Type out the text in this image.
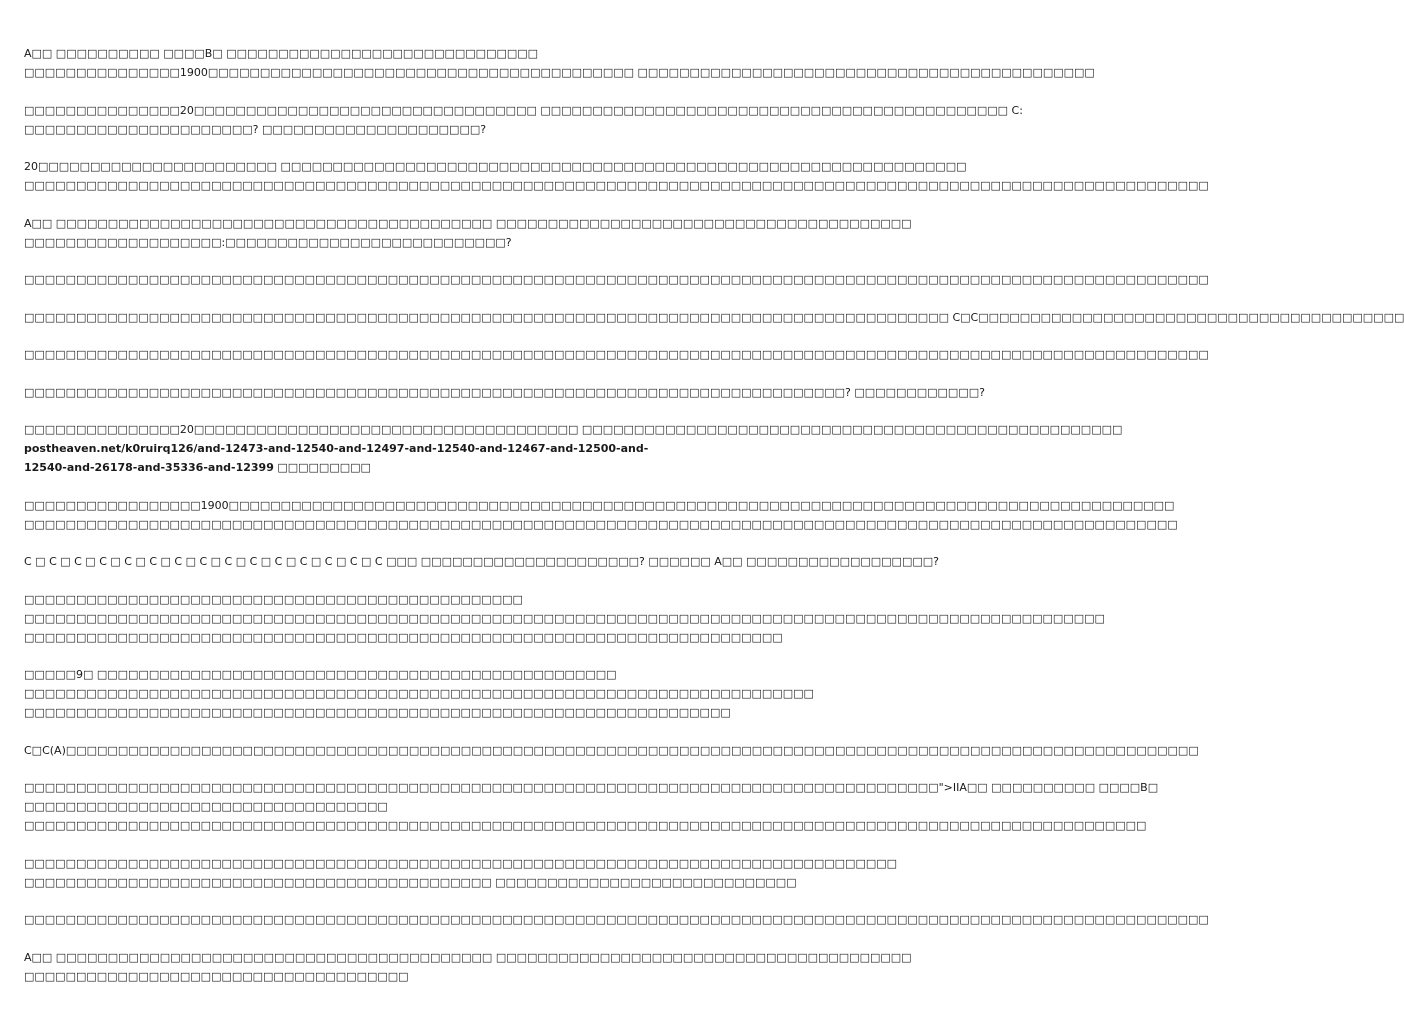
A□□ □□□□□□□□□□ □□□□B□ □□□□□□□□□□□□□□□□□□□□□□□□□□□□□□
□□□□□□□□□□□□□□□1900□□□□□□□□□□□□□□□□□□□□□□□□□□□□□□□□□□□□□□□□□ □□□□□□□□□□□□□□□□□□□□□□□□□□□□□□□□□□□□□□□□□□□□

□□□□□□□□□□□□□□□20□□□□□□□□□□□□□□□□□□□□□□□□□□□□□□□□□ □□□□□□□□□□□□□□□□□□□□□□□□□□□□□□□□□□□□□□□□□□□□□ C:
□□□□□□□□□□□□□□□□□□□□□□? □□□□□□□□□□□□□□□□□□□□□?

20□□□□□□□□□□□□□□□□□□□□□□□ □□□□□□□□□□□□□□□□□□□□□□□□□□□□□□□□□□□□□□□□□□□□□□□□□□□□□□□□□□□□□□□□□□
□□□□□□□□□□□□□□□□□□□□□□□□□□□□□□□□□□□□□□□□□□□□□□□□□□□□□□□□□□□□□□□□□□□□□□□□□□□□□□□□□□□□□□□□□□□□□□□□□□□□□□□□□□□□□□□□□□

A□□ □□□□□□□□□□□□□□□□□□□□□□□□□□□□□□□□□□□□□□□□□□ □□□□□□□□□□□□□□□□□□□□□□□□□□□□□□□□□□□□□□□□
□□□□□□□□□□□□□□□□□□□:□□□□□□□□□□□□□□□□□□□□□□□□□□□?

□□□□□□□□□□□□□□□□□□□□□□□□□□□□□□□□□□□□□□□□□□□□□□□□□□□□□□□□□□□□□□□□□□□□□□□□□□□□□□□□□□□□□□□□□□□□□□□□□□□□□□□□□□□□□□□□□□

□□□□□□□□□□□□□□□□□□□□□□□□□□□□□□□□□□□□□□□□□□□□□□□□□□□□□□□□□□□□□□□□□□□□□□□□□□□□□□□□□□□□□□□□□ C□C□□□□□□□□□□□□□□□□□□□□□□□□□□□□□□□□□□□□□□□□□

□□□□□□□□□□□□□□□□□□□□□□□□□□□□□□□□□□□□□□□□□□□□□□□□□□□□□□□□□□□□□□□□□□□□□□□□□□□□□□□□□□□□□□□□□□□□□□□□□□□□□□□□□□□□□□□□□□

□□□□□□□□□□□□□□□□□□□□□□□□□□□□□□□□□□□□□□□□□□□□□□□□□□□□□□□□□□□□□□□□□□□□□□□□□□□□□□□? □□□□□□□□□□□□?

□□□□□□□□□□□□□□□20□□□□□□□□□□□□□□□□□□□□□□□□□□□□□□□□□□□□□ □□□□□□□□□□□□□□□□□□□□□□□□□□□□□□□□□□□□□□□□□□□□□□□□□□□□

postheaven.net/k0ruirq126/and-12473-and-12540-and-12497-and-12540-and-12467-and-12500-and-
12540-and-26178-and-35336-and-12399 □□□□□□□□□

□□□□□□□□□□□□□□□□□1900□□□□□□□□□□□□□□□□□□□□□□□□□□□□□□□□□□□□□□□□□□□□□□□□□□□□□□□□□□□□□□□□□□□□□□□□□□□□□□□□□□□□□□□□□□□
□□□□□□□□□□□□□□□□□□□□□□□□□□□□□□□□□□□□□□□□□□□□□□□□□□□□□□□□□□□□□□□□□□□□□□□□□□□□□□□□□□□□□□□□□□□□□□□□□□□□□□□□□□□□□□□

C □ C □ C □ C □ C □ C □ C □ C □ C □ C □ C □ C □ C □ C □ C □□□ □□□□□□□□□□□□□□□□□□□□□? □□□□□□ A□□ □□□□□□□□□□□□□□□□□□?

□□□□□□□□□□□□□□□□□□□□□□□□□□□□□□□□□□□□□□□□□□□□□□□□
□□□□□□□□□□□□□□□□□□□□□□□□□□□□□□□□□□□□□□□□□□□□□□□□□□□□□□□□□□□□□□□□□□□□□□□□□□□□□□□□□□□□□□□□□□□□□□□□□□□□□□□□
□□□□□□□□□□□□□□□□□□□□□□□□□□□□□□□□□□□□□□□□□□□□□□□□□□□□□□□□□□□□□□□□□□□□□□□□□

□□□□□9□ □□□□□□□□□□□□□□□□□□□□□□□□□□□□□□□□□□□□□□□□□□□□□□□□□□
□□□□□□□□□□□□□□□□□□□□□□□□□□□□□□□□□□□□□□□□□□□□□□□□□□□□□□□□□□□□□□□□□□□□□□□□□□□□
□□□□□□□□□□□□□□□□□□□□□□□□□□□□□□□□□□□□□□□□□□□□□□□□□□□□□□□□□□□□□□□□□□□□

C□C(A)□□□□□□□□□□□□□□□□□□□□□□□□□□□□□□□□□□□□□□□□□□□□□□□□□□□□□□□□□□□□□□□□□□□□□□□□□□□□□□□□□□□□□□□□□□□□□□□□□□□□□□□□□□□□□

□□□□□□□□□□□□□□□□□□□□□□□□□□□□□□□□□□□□□□□□□□□□□□□□□□□□□□□□□□□□□□□□□□□□□□□□□□□□□□□□□□□□□□□□">IIA□□ □□□□□□□□□□ □□□□B□
□□□□□□□□□□□□□□□□□□□□□□□□□□□□□□□□□□□
□□□□□□□□□□□□□□□□□□□□□□□□□□□□□□□□□□□□□□□□□□□□□□□□□□□□□□□□□□□□□□□□□□□□□□□□□□□□□□□□□□□□□□□□□□□□□□□□□□□□□□□□□□□□

□□□□□□□□□□□□□□□□□□□□□□□□□□□□□□□□□□□□□□□□□□□□□□□□□□□□□□□□□□□□□□□□□□□□□□□□□□□□□□□□□□□□
□□□□□□□□□□□□□□□□□□□□□□□□□□□□□□□□□□□□□□□□□□□□□ □□□□□□□□□□□□□□□□□□□□□□□□□□□□□

□□□□□□□□□□□□□□□□□□□□□□□□□□□□□□□□□□□□□□□□□□□□□□□□□□□□□□□□□□□□□□□□□□□□□□□□□□□□□□□□□□□□□□□□□□□□□□□□□□□□□□□□□□□□□□□□□□

A□□ □□□□□□□□□□□□□□□□□□□□□□□□□□□□□□□□□□□□□□□□□□ □□□□□□□□□□□□□□□□□□□□□□□□□□□□□□□□□□□□□□□□
□□□□□□□□□□□□□□□□□□□□□□□□□□□□□□□□□□□□□
